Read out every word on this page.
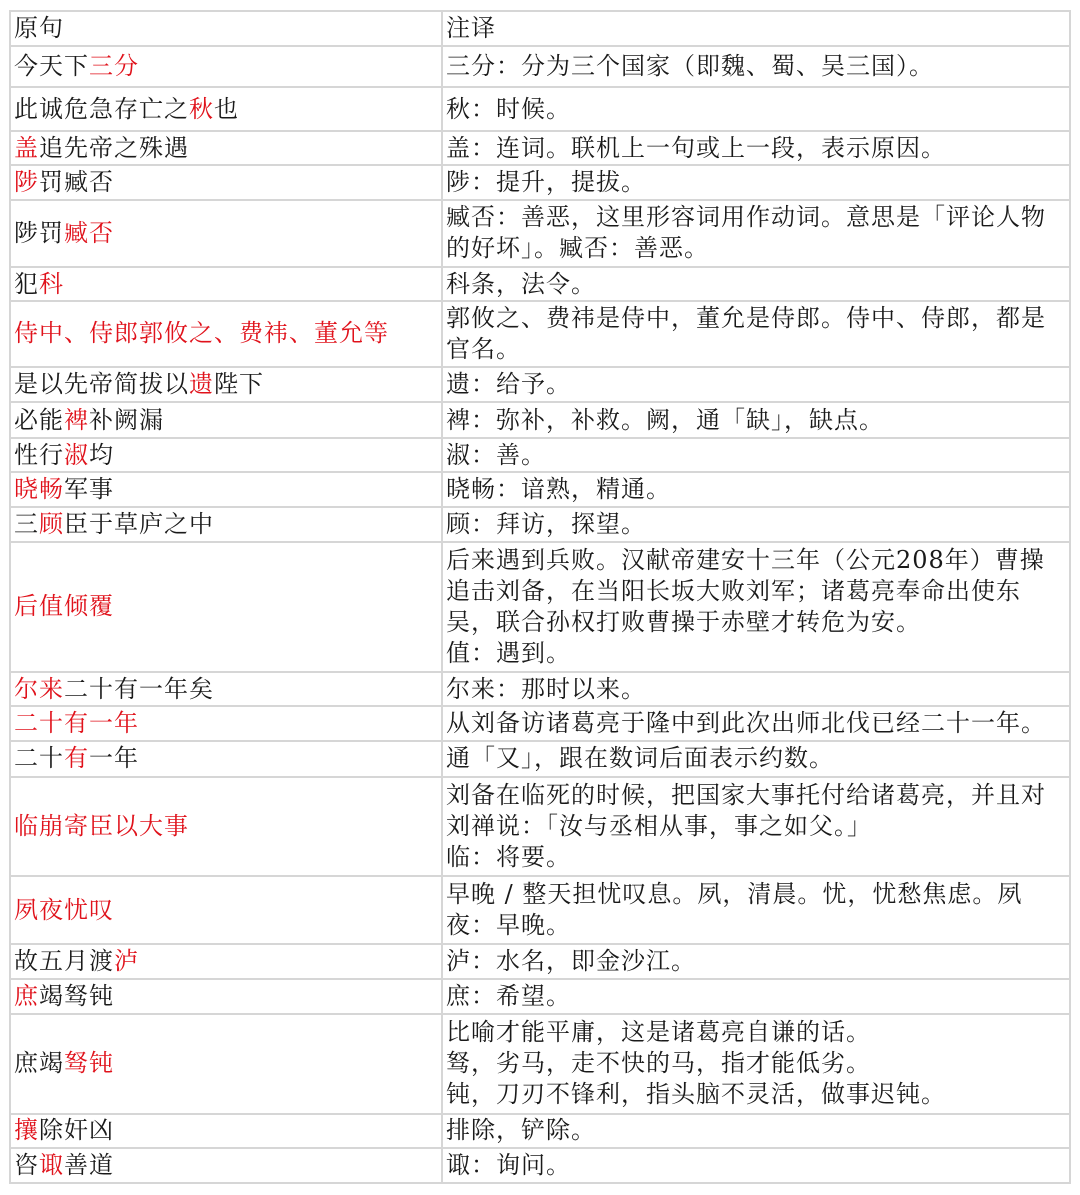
原句	注译
今天下三分	三分：分为三个国家（即魏、蜀、吴三国）。

此诚危急存亡之秋也	秋：时候。

盖追先帝之殊遇	盖：连词。联机上一句或上一段，表示原因。

陟罚臧否	陟：提升，提拔。

陟罚臧否	臧否：善恶，这里形容词用作动词。意思是「评论人物的好坏」。臧否：善恶。

犯科	科条，法令。

侍中、侍郎郭攸之、费祎、董允等	郭攸之、费祎是侍中，董允是侍郎。侍中、侍郎，都是官名。

是以先帝简拔以遗陛下	遗：给予。

必能裨补阙漏	裨：弥补，补救。阙，通「缺」，缺点。

性行淑均	淑：善。

晓畅军事	晓畅：谙熟，精通。

三顾臣于草庐之中	顾：拜访，探望。

后值倾覆	后来遇到兵败。汉献帝建安十三年（公元208年）曹操追击刘备，在当阳长坂大败刘军；诸葛亮奉命出使东吴，联合孙权打败曹操于赤壁才转危为安。
值：遇到。

尔来二十有一年矣	尔来：那时以来。

二十有一年	从刘备访诸葛亮于隆中到此次出师北伐已经二十一年。

二十有一年	通「又」，跟在数词后面表示约数。

临崩寄臣以大事	刘备在临死的时候，把国家大事托付给诸葛亮，并且对刘禅说：「汝与丞相从事，事之如父。」
临：将要。

夙夜忧叹	早晚 / 整天担忧叹息。夙，清晨。忧，忧愁焦虑。夙夜：早晚。

故五月渡泸	泸：水名，即金沙江。

庶竭驽钝	庶：希望。

庶竭驽钝	比喻才能平庸，这是诸葛亮自谦的话。
驽，劣马，走不快的马，指才能低劣。
钝，刀刃不锋利，指头脑不灵活，做事迟钝。

攘除奸凶	排除，铲除。

咨诹善道	诹：询问。
